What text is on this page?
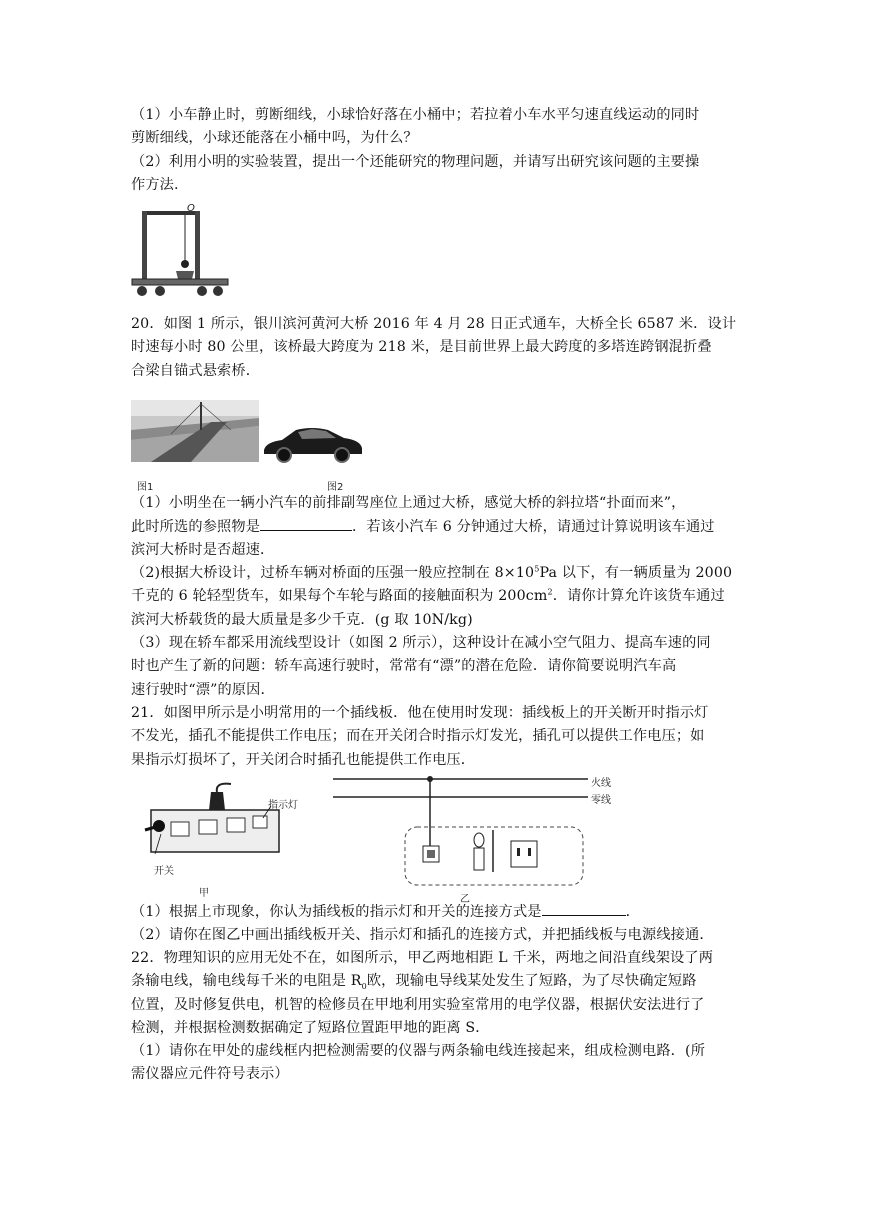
（1）小车静止时，剪断细线，小球恰好落在小桶中；若拉着小车水平匀速直线运动的同时
剪断细线，小球还能落在小桶中吗，为什么？
（2）利用小明的实验装置，提出一个还能研究的物理问题，并请写出研究该问题的主要操
作方法.
O
20．如图 1 所示，银川滨河黄河大桥 2016 年 4 月 28 日正式通车，大桥全长 6587 米．设计
时速每小时 80 公里，该桥最大跨度为 218 米，是目前世界上最大跨度的多塔连跨钢混折叠
合梁自锚式悬索桥．
图1	图2
（1）小明坐在一辆小汽车的前排副驾座位上通过大桥，感觉大桥的斜拉塔“扑面而来”，
此时所选的参照物是	．若该小汽车 6 分钟通过大桥，请通过计算说明该车通过
滨河大桥时是否超速．
（2)根据大桥设计，过桥车辆对桥面的压强一般应控制在 $8\times 10^5Pa$ 以下，有一辆质量为 2000
千克的 6 轮轻型货车，如果每个车轮与路面的接触面积为 $200cm^2$．请你计算允许该货车通过
滨河大桥载货的最大质量是多少千克．(g 取 10N/kg)
（3）现在轿车都采用流线型设计（如图 2 所示），这种设计在减小空气阻力、提高车速的同
时也产生了新的问题：轿车高速行驶时，常常有“漂”的潜在危险．请你简要说明汽车高
速行驶时“漂”的原因．
21．如图甲所示是小明常用的一个插线板．他在使用时发现：插线板上的开关断开时指示灯
不发光，插孔不能提供工作电压；而在开关闭合时指示灯发光，插孔可以提供工作电压；如
果指示灯损坏了，开关闭合时插孔也能提供工作电压．
指示灯
开关
甲
火线
零线
乙
（1）根据上市现象，你认为插线板的指示灯和开关的连接方式是	．
（2）请你在图乙中画出插线板开关、指示灯和插孔的连接方式，并把插线板与电源线接通．
22．物理知识的应用无处不在，如图所示，甲乙两地相距 L 千米，两地之间沿直线架设了两
条输电线，输电线每千米的电阻是 $R_0$欧，现输电导线某处发生了短路，为了尽快确定短路
位置，及时修复供电，机智的检修员在甲地利用实验室常用的电学仪器，根据伏安法进行了
检测，并根据检测数据确定了短路位置距甲地的距离 S．
（1）请你在甲处的虚线框内把检测需要的仪器与两条输电线连接起来，组成检测电路．(所
需仪器应元件符号表示）
